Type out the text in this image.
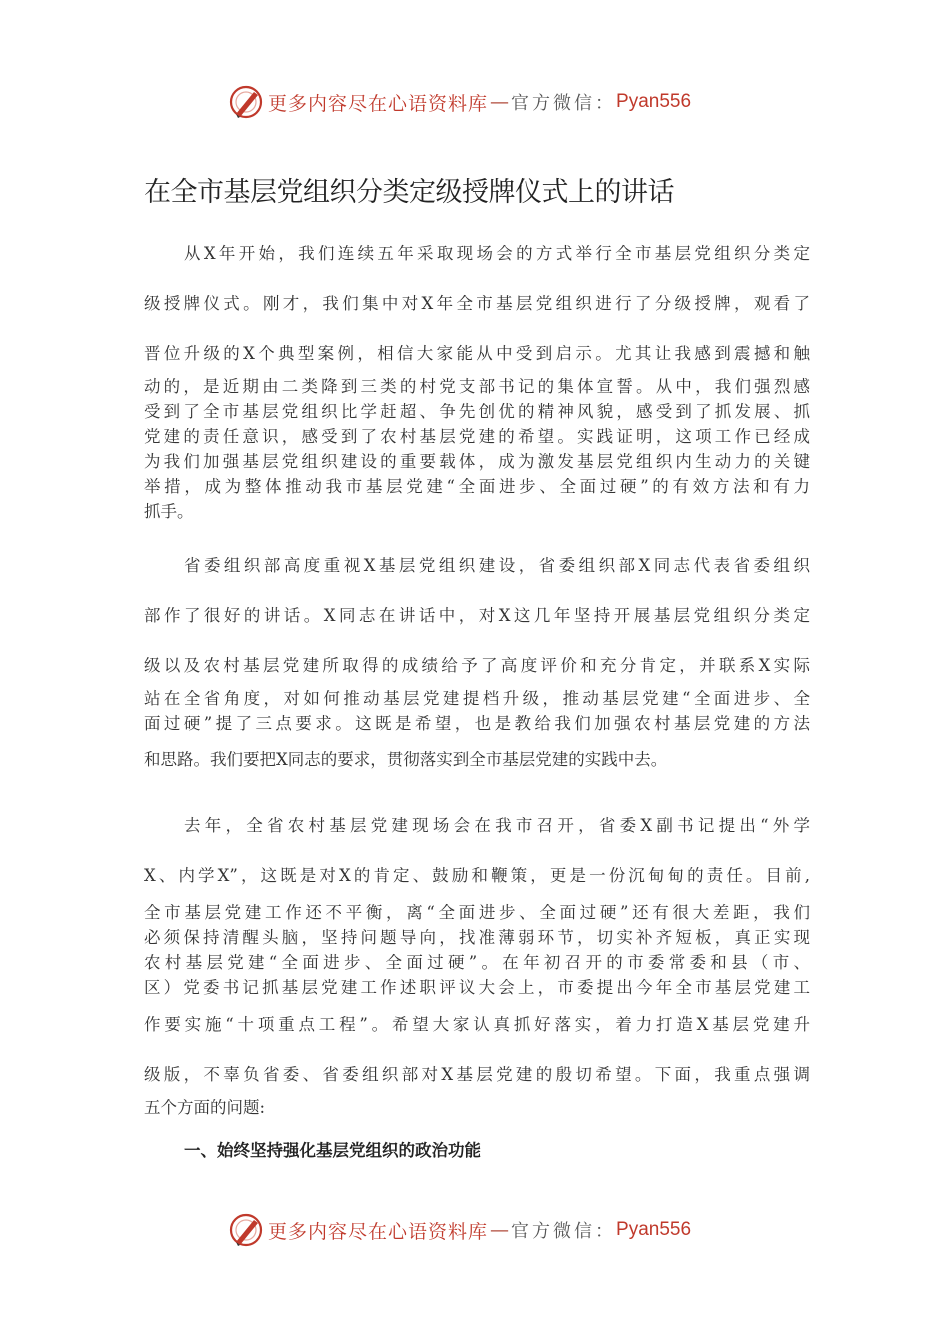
更多内容尽在心语资料库 — 官方微信： Pyan556
在全市基层党组织分类定级授牌仪式上的讲话
从X年开始，我们连续五年采取现场会的方式举行全市基层党组织分类定
级授牌仪式。刚才，我们集中对X年全市基层党组织进行了分级授牌，观看了
晋位升级的X个典型案例，相信大家能从中受到启示。尤其让我感到震撼和触
动的，是近期由二类降到三类的村党支部书记的集体宣誓。从中，我们强烈感
受到了全市基层党组织比学赶超、争先创优的精神风貌，感受到了抓发展、抓
党建的责任意识，感受到了农村基层党建的希望。实践证明，这项工作已经成
为我们加强基层党组织建设的重要载体，成为激发基层党组织内生动力的关键
举措，成为整体推动我市基层党建“全面进步、全面过硬”的有效方法和有力
抓手。
省委组织部高度重视X基层党组织建设，省委组织部X同志代表省委组织
部作了很好的讲话。X同志在讲话中，对X这几年坚持开展基层党组织分类定
级以及农村基层党建所取得的成绩给予了高度评价和充分肯定，并联系X实际
站在全省角度，对如何推动基层党建提档升级，推动基层党建“全面进步、全
面过硬”提了三点要求。这既是希望，也是教给我们加强农村基层党建的方法
和思路。我们要把X同志的要求，贯彻落实到全市基层党建的实践中去。
去年，全省农村基层党建现场会在我市召开，省委X副书记提出“外学
X、内学X”，这既是对X的肯定、鼓励和鞭策，更是一份沉甸甸的责任。目前,
全市基层党建工作还不平衡，离“全面进步、全面过硬”还有很大差距，我们
必须保持清醒头脑，坚持问题导向，找准薄弱环节，切实补齐短板，真正实现
农村基层党建“全面进步、全面过硬”。在年初召开的市委常委和县（市、
区）党委书记抓基层党建工作述职评议大会上，市委提出今年全市基层党建工
作要实施“十项重点工程”。希望大家认真抓好落实，着力打造X基层党建升
级版，不辜负省委、省委组织部对X基层党建的殷切希望。下面，我重点强调
五个方面的问题:
一、始终坚持强化基层党组织的政治功能
更多内容尽在心语资料库 — 官方微信： Pyan556
